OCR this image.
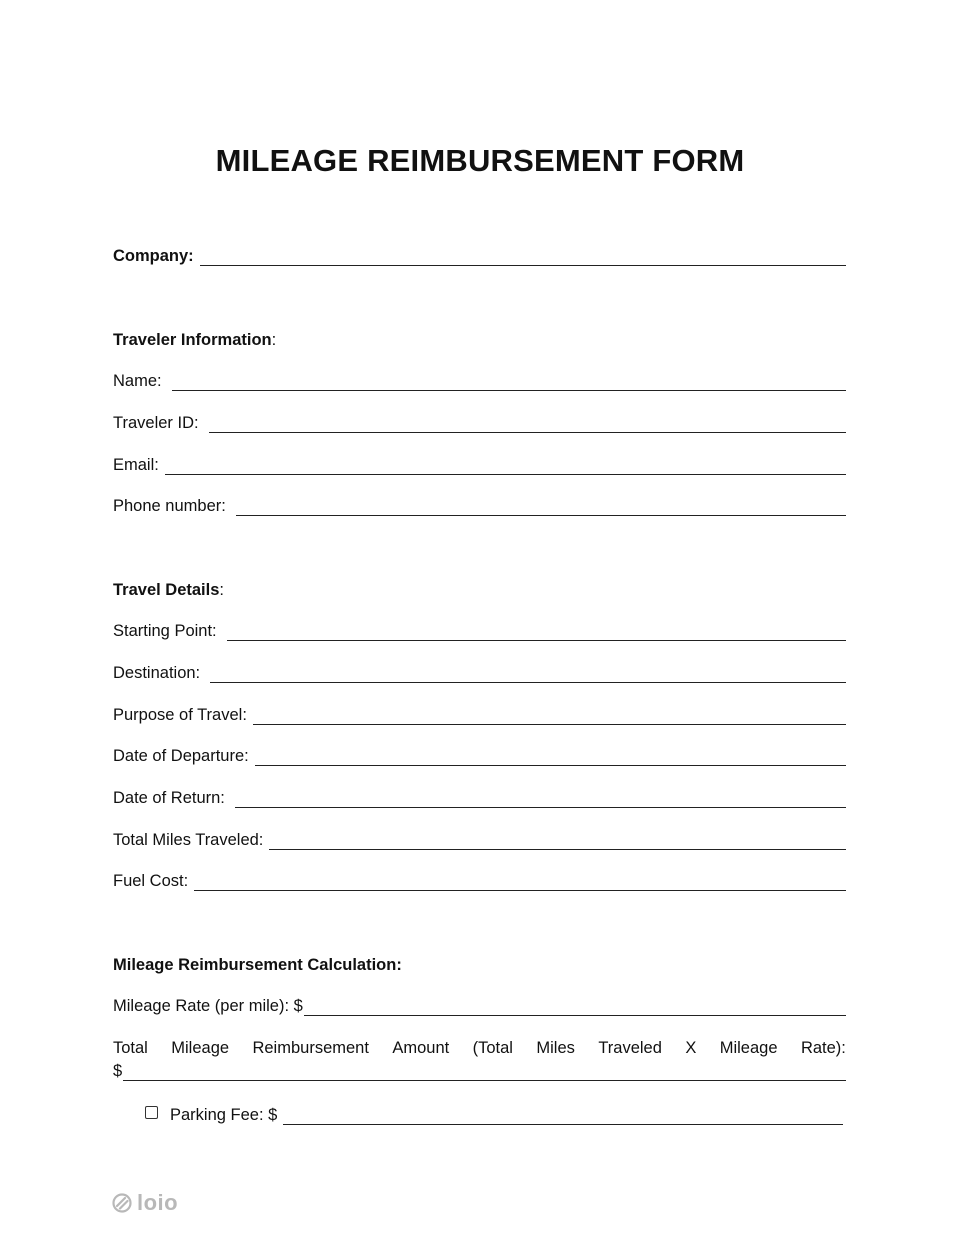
MILEAGE REIMBURSEMENT FORM
Company:
Traveler Information:
Name:
Traveler ID:
Email:
Phone number:
Travel Details:
Starting Point:
Destination:
Purpose of Travel:
Date of Departure:
Date of Return:
Total Miles Traveled:
Fuel Cost:
Mileage Reimbursement Calculation:
Mileage Rate (per mile): $
Total Mileage Reimbursement Amount (Total Miles Traveled X Mileage Rate):
$
Parking Fee: $
loio
